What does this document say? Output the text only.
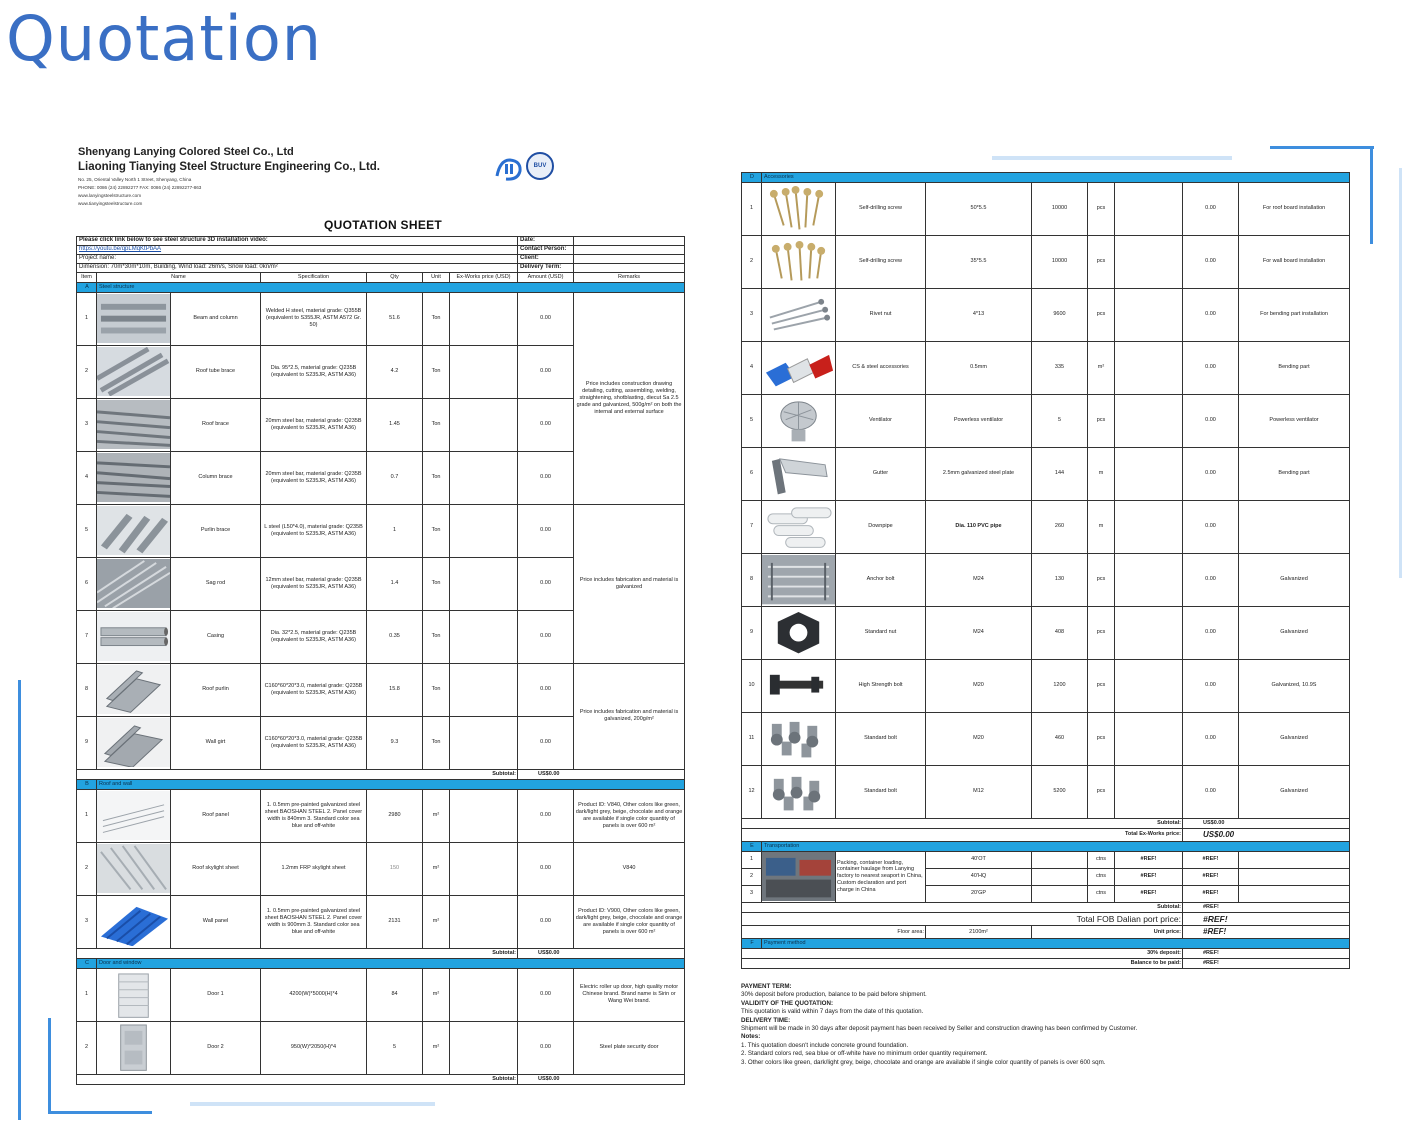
Quotation
Shenyang Lanying Colored Steel Co., Ltd
Liaoning Tianying Steel Structure Engineering Co., Ltd.
No. 25, Oriental Valley North 1 Street, Shenyang, China
PHONE: 0086 (24) 22892277 FAX: 0086 (24) 22892277-863
www.lanyingsteelstructure.com
www.tianyingsteelstructure.com
BUV
QUOTATION SHEET
Please click link below to see steel structure 3D installation video:							Date:	
https://youtu.be/qpLMqKtPbAA							Contact Person:	
Project name:							Client:	
Dimension: 70m*30m*10m, Building, Wind load: 26m/s, Snow load: 0kn/m²							Delivery Term:	
Item	Name		Specification	Qty	Unit	Ex-Works price (USD)	Amount (USD)	Remarks
A	Steel structure							
1		Beam and column	Welded H steel, material grade: Q355B (equivalent to S355JR, ASTM A572 Gr. 50)	51.6	Ton		0.00	Price includes construction drawing detailing, cutting, assembling, welding, straightening, shotblasting, diecut Sa 2.5 grade and galvanized, 500g/m² on both the internal and external surface
2		Roof tube brace	Dia. 95*2.5, material grade: Q235B (equivalent to S235JR, ASTM A36)	4.2	Ton		0.00	
3		Roof brace	20mm steel bar, material grade: Q235B (equivalent to S235JR, ASTM A36)	1.45	Ton		0.00	
4		Column brace	20mm steel bar, material grade: Q235B (equivalent to S235JR, ASTM A36)	0.7	Ton		0.00	
5		Purlin brace	L steel (L50*4.0), material grade: Q235B (equivalent to S235JR, ASTM A36)	1	Ton		0.00	Price includes fabrication and material is galvanized
6		Sag rod	12mm steel bar, material grade: Q235B (equivalent to S235JR, ASTM A36)	1.4	Ton		0.00	
7		Casing	Dia. 32*2.5, material grade: Q235B (equivalent to S235JR, ASTM A36)	0.35	Ton		0.00	
8		Roof purlin	C160*60*20*3.0, material grade: Q235B (equivalent to S235JR, ASTM A36)	15.8	Ton		0.00	Price includes fabrication and material is galvanized, 200g/m²
9		Wall girt	C160*60*20*3.0, material grade: Q235B (equivalent to S235JR, ASTM A36)	9.3	Ton		0.00	
Subtotal:							US$0.00	
B	Roof and wall							
1		Roof panel	1. 0.5mm pre-painted galvanized steel sheet BAOSHAN STEEL 2. Panel cover width is 840mm 3. Standard color sea blue and off-white	2980	m²		0.00	Product ID: V840, Other colors like green, dark/light grey, beige, chocolate and orange are available if single color quantity of panels is over 600 m²
2		Roof skylight sheet	1.2mm FRP skylight sheet	150	m²		0.00	V840
3		Wall panel	1. 0.5mm pre-painted galvanized steel sheet BAOSHAN STEEL 2. Panel cover width is 900mm 3. Standard color sea blue and off-white	2131	m²		0.00	Product ID: V900, Other colors like green, dark/light grey, beige, chocolate and orange are available if single color quantity of panels is over 600 m²
Subtotal:							US$0.00	
C	Door and window							
1		Door 1	4200(W)*5000(H)*4	84	m²		0.00	Electric roller up door, high quality motor Chinese brand. Brand name is Sirin or Wang Wei brand.
2		Door 2	950(W)*2050(H)*4	5	m²		0.00	Steel plate security door
Subtotal:							US$0.00	
D	Accessories							
1		Self-drilling screw	50*5.5	10000	pcs		0.00	For roof board installation
2		Self-drilling screw	35*5.5	10000	pcs		0.00	For wall board installation
3		Rivet nut	4*13	9600	pcs		0.00	For bending part installation
4		CS & steel accessories	0.5mm	335	m²		0.00	Bending part
5		Ventilator	Powerless ventilator	5	pcs		0.00	Powerless ventilator
6		Gutter	2.5mm galvanized steel plate	144	m		0.00	Bending part
7		Downpipe	Dia. 110 PVC pipe	260	m		0.00	
8		Anchor bolt	M24	130	pcs		0.00	Galvanized
9		Standard nut	M24	408	pcs		0.00	Galvanized
10		High Strength bolt	M20	1200	pcs		0.00	Galvanized, 10.9S
11		Standard bolt	M20	460	pcs		0.00	Galvanized
12		Standard bolt	M12	5200	pcs		0.00	Galvanized
Subtotal:							US$0.00	
Total Ex-Works price:							US$0.00	
E	Transportation							
1		Packing, container loading, container haulage from Lanying factory to nearest seaport in China, Custom declaration and port charge in China	40'OT		ctns	#REF!	#REF!	
2			40'HQ		ctns	#REF!	#REF!	
3			20'GP		ctns	#REF!	#REF!	
Subtotal:							#REF!	
Total FOB Dalian port price:							#REF!	
Floor area:			2100m²	Unit price:			#REF!	
F	Payment method							
30% deposit:							#REF!	
Balance to be paid:							#REF!	
PAYMENT TERM:
30% deposit before production, balance to be paid before shipment.
VALIDITY OF THE QUOTATION:
This quotation is valid within 7 days from the date of this quotation.
DELIVERY TIME:
Shipment will be made in 30 days after deposit payment has been received by Seller and construction drawing has been confirmed by Customer.
Notes:
1. This quotation doesn't include concrete ground foundation.
2. Standard colors red, sea blue or off-white have no minimum order quantity requirement.
3. Other colors like green, dark/light grey, beige, chocolate and orange are available if single color quantity of panels is over 600 sqm.
